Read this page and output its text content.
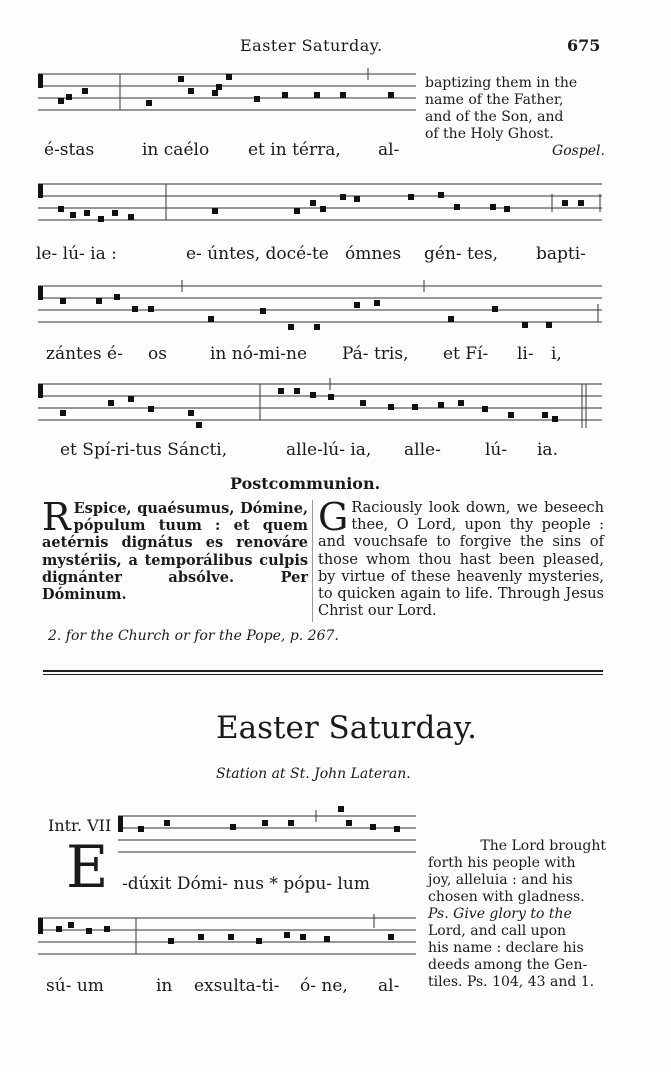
Easter Saturday.	675
é-stas	in caélo et in térra, al-
baptizing them in the
name of the Father,
and of the Son, and
of the Holy Ghost.
Gospel.
le- lú- ia :	e- úntes, docé-te ómnes gén- tes, bapti-
zántes é- os	in nó-mi-ne Pá- tris, et Fí- li- i,
et Spí-ri-tus Sáncti,	alle-lú- ia, alle-	lú- ia.
Postcommunion.
R Espice, quaésumus, Dómine, pópulum tuum : et quem aetérnis dignátus es renováre mystériis, a temporálibus culpis dignánter absólve. Per Dóminum.
G Raciously look down, we beseech thee, O Lord, upon thy people : and vouchsafe to forgive the sins of those whom thou hast been pleased, by virtue of these heavenly mysteries, to quicken again to life. Through Jesus Christ our Lord.
2. for the Church or for the Pope, p. 267.
Easter Saturday.
Station at St. John Lateran.
Intr. VII
E -dúxit Dómi- nus * pópu- lum
sú- um	in exsulta-ti- ó- ne, al-
The Lord brought
forth his people with
joy, alleluia : and his
chosen with gladness.
Ps. Give glory to the
Lord, and call upon
his name : declare his
deeds among the Gen-
tiles. Ps. 104, 43 and 1.
